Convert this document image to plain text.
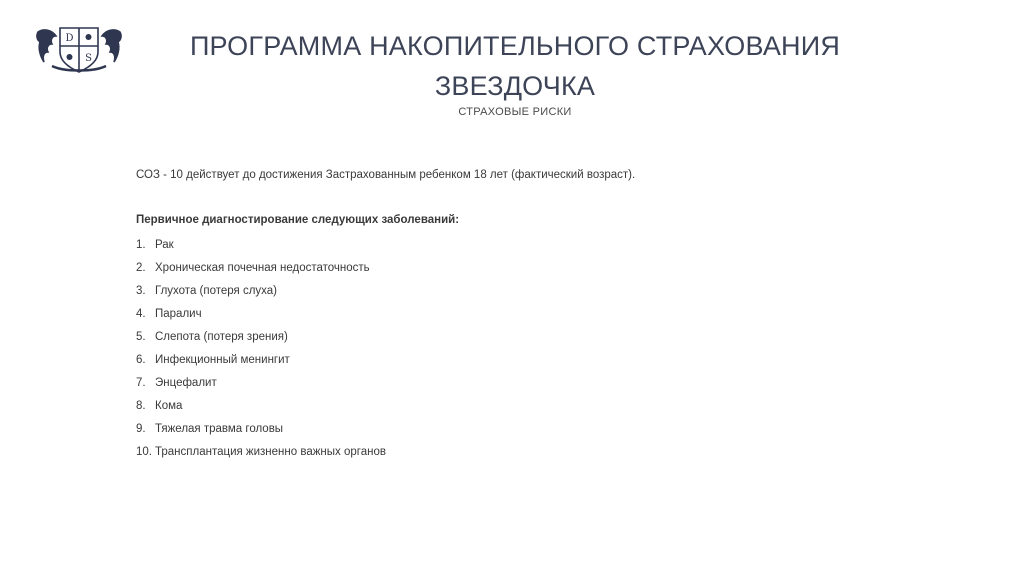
D
S	ПРОГРАММА НАКОПИТЕЛЬНОГО СТРАХОВАНИЯ
ЗВЕЗДОЧКА
СТРАХОВЫЕ РИСКИ

СОЗ - 10 действует до достижения Застрахованным ребенком 18 лет (фактический возраст).

Первичное диагностирование следующих заболеваний:

1. Рак
2. Хроническая почечная недостаточность
3. Глухота (потеря слуха)
4. Паралич
5. Слепота (потеря зрения)
6. Инфекционный менингит
7. Энцефалит
8. Кома
9. Тяжелая травма головы
10. Трансплантация жизненно важных органов
